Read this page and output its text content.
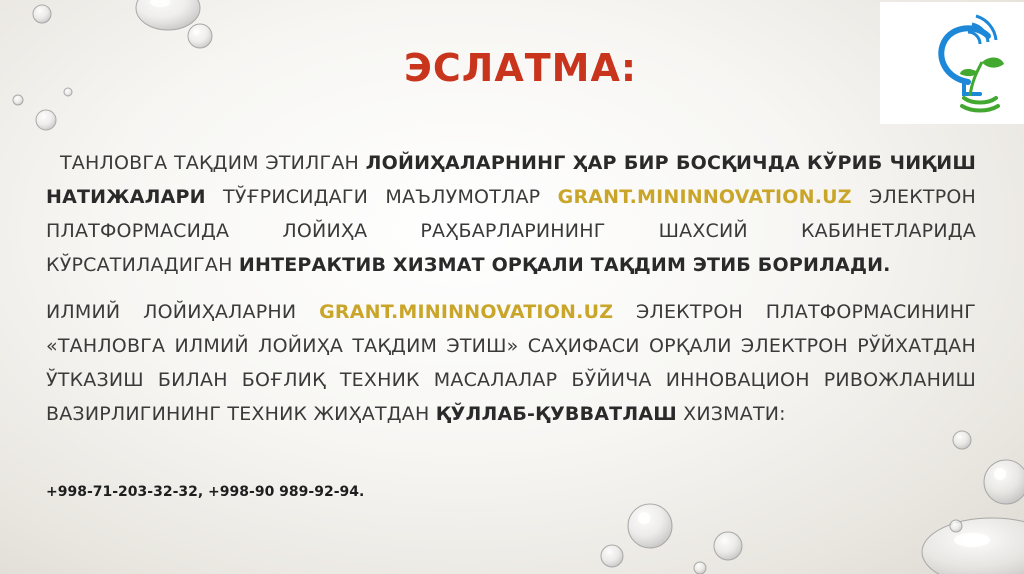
ЭСЛАТМА:

ТАНЛОВГА ТАҚДИМ ЭТИЛГАН ЛОЙИҲАЛАРНИНГ ҲАР БИР БОСҚИЧДА КЎРИБ ЧИҚИШ НАТИЖАЛАРИ ТЎҒРИСИДАГИ МАЪЛУМОТЛАР GRANT.MININNOVATION.UZ ЭЛЕКТРОН ПЛАТФОРМАСИДА ЛОЙИҲА РАҲБАРЛАРИНИНГ ШАХСИЙ КАБИНЕТЛАРИДА КЎРСАТИЛАДИГАН ИНТЕРАКТИВ ХИЗМАТ ОРҚАЛИ ТАҚДИМ ЭТИБ БОРИЛАДИ.

ИЛМИЙ ЛОЙИҲАЛАРНИ GRANT.MININNOVATION.UZ ЭЛЕКТРОН ПЛАТФОРМАСИНИНГ «ТАНЛОВГА ИЛМИЙ ЛОЙИҲА ТАҚДИМ ЭТИШ» САҲИФАСИ ОРҚАЛИ ЭЛЕКТРОН РЎЙХАТДАН ЎТКАЗИШ БИЛАН БОҒЛИҚ ТЕХНИК МАСАЛАЛАР БЎЙИЧА ИННОВАЦИОН РИВОЖЛАНИШ ВАЗИРЛИГИНИНГ ТЕХНИК ЖИҲАТДАН ҚЎЛЛАБ-ҚУВВАТЛАШ ХИЗМАТИ:

+998-71-203-32-32, +998-90 989-92-94.
